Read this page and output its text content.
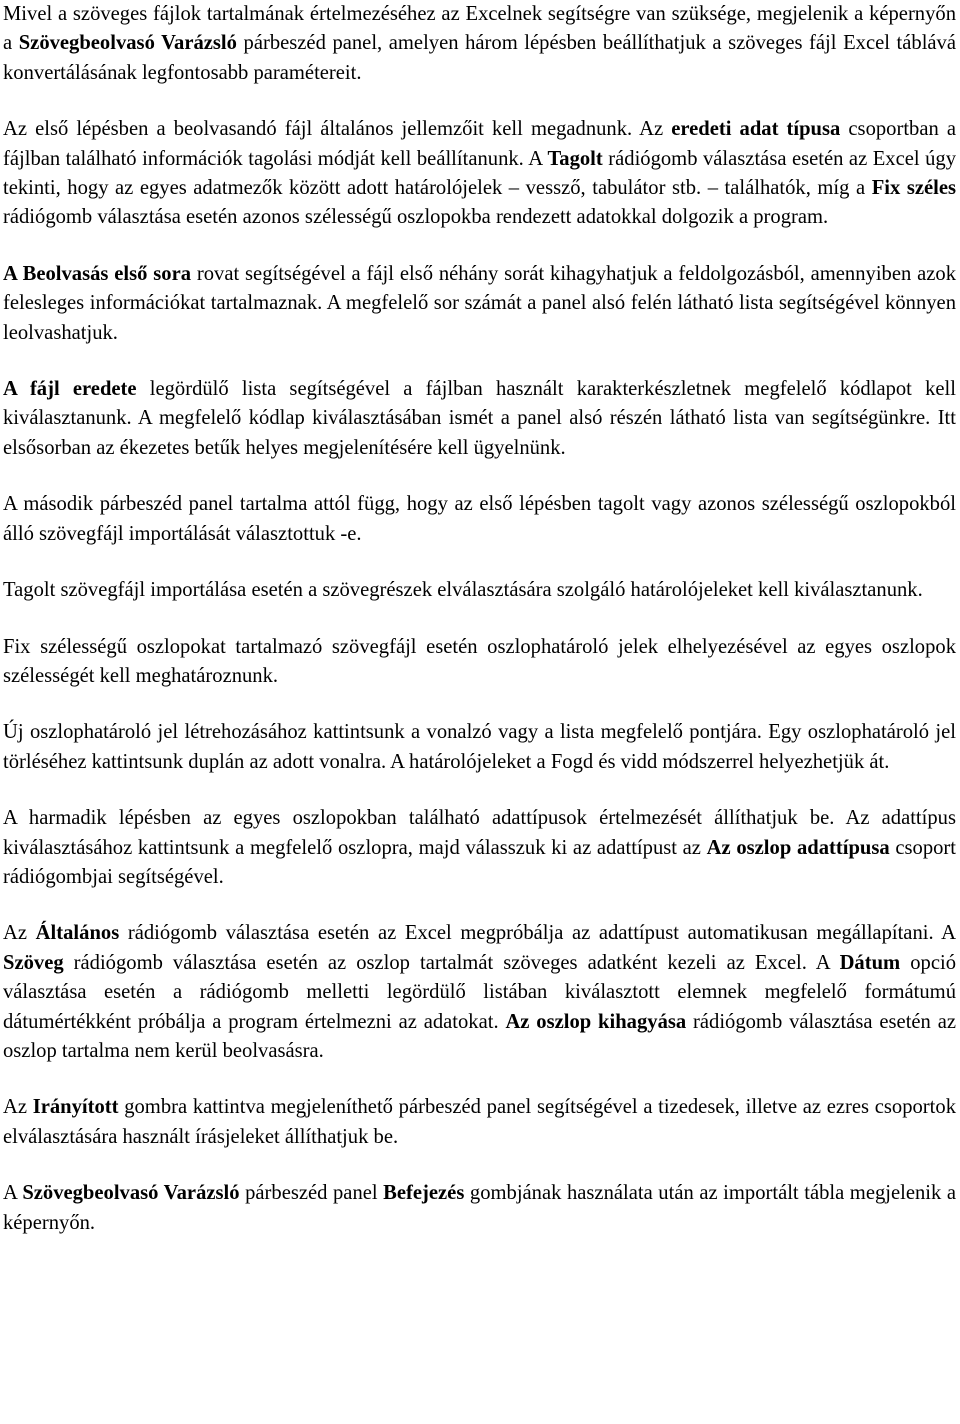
Mivel a szöveges fájlok tartalmának értelmezéséhez az Excelnek segítségre van szüksége, megjelenik a képernyőn a Szövegbeolvasó Varázsló párbeszéd panel, amelyen három lépésben beállíthatjuk a szöveges fájl Excel táblává konvertálásának legfontosabb paramétereit.

Az első lépésben a beolvasandó fájl általános jellemzőit kell megadnunk. Az eredeti adat típusa csoportban a fájlban található információk tagolási módját kell beállítanunk. A Tagolt rádiógomb választása esetén az Excel úgy tekinti, hogy az egyes adatmezők között adott határolójelek – vessző, tabulátor stb. – találhatók, míg a Fix széles rádiógomb választása esetén azonos szélességű oszlopokba rendezett adatokkal dolgozik a program.

A Beolvasás első sora rovat segítségével a fájl első néhány sorát kihagyhatjuk a feldolgozásból, amennyiben azok felesleges információkat tartalmaznak. A megfelelő sor számát a panel alsó felén látható lista segítségével könnyen leolvashatjuk.

A fájl eredete legördülő lista segítségével a fájlban használt karakterkészletnek megfelelő kódlapot kell kiválasztanunk. A megfelelő kódlap kiválasztásában ismét a panel alsó részén látható lista van segítségünkre. Itt elsősorban az ékezetes betűk helyes megjelenítésére kell ügyelnünk.

A második párbeszéd panel tartalma attól függ, hogy az első lépésben tagolt vagy azonos szélességű oszlopokból álló szövegfájl importálását választottuk -e.

Tagolt szövegfájl importálása esetén a szövegrészek elválasztására szolgáló határolójeleket kell kiválasztanunk.

Fix szélességű oszlopokat tartalmazó szövegfájl esetén oszlophatároló jelek elhelyezésével az egyes oszlopok szélességét kell meghatároznunk.

Új oszlophatároló jel létrehozásához kattintsunk a vonalzó vagy a lista megfelelő pontjára. Egy oszlophatároló jel törléséhez kattintsunk duplán az adott vonalra. A határolójeleket a Fogd és vidd módszerrel helyezhetjük át.

A harmadik lépésben az egyes oszlopokban található adattípusok értelmezését állíthatjuk be. Az adattípus kiválasztásához kattintsunk a megfelelő oszlopra, majd válasszuk ki az adattípust az Az oszlop adattípusa csoport rádiógombjai segítségével.

Az Általános rádiógomb választása esetén az Excel megpróbálja az adattípust automatikusan megállapítani. A Szöveg rádiógomb választása esetén az oszlop tartalmát szöveges adatként kezeli az Excel. A Dátum opció választása esetén a rádiógomb melletti legördülő listában kiválasztott elemnek megfelelő formátumú dátumértékként próbálja a program értelmezni az adatokat. Az oszlop kihagyása rádiógomb választása esetén az oszlop tartalma nem kerül beolvasásra.

Az Irányított gombra kattintva megjeleníthető párbeszéd panel segítségével a tizedesek, illetve az ezres csoportok elválasztására használt írásjeleket állíthatjuk be.

A Szövegbeolvasó Varázsló párbeszéd panel Befejezés gombjának használata után az importált tábla megjelenik a képernyőn.
